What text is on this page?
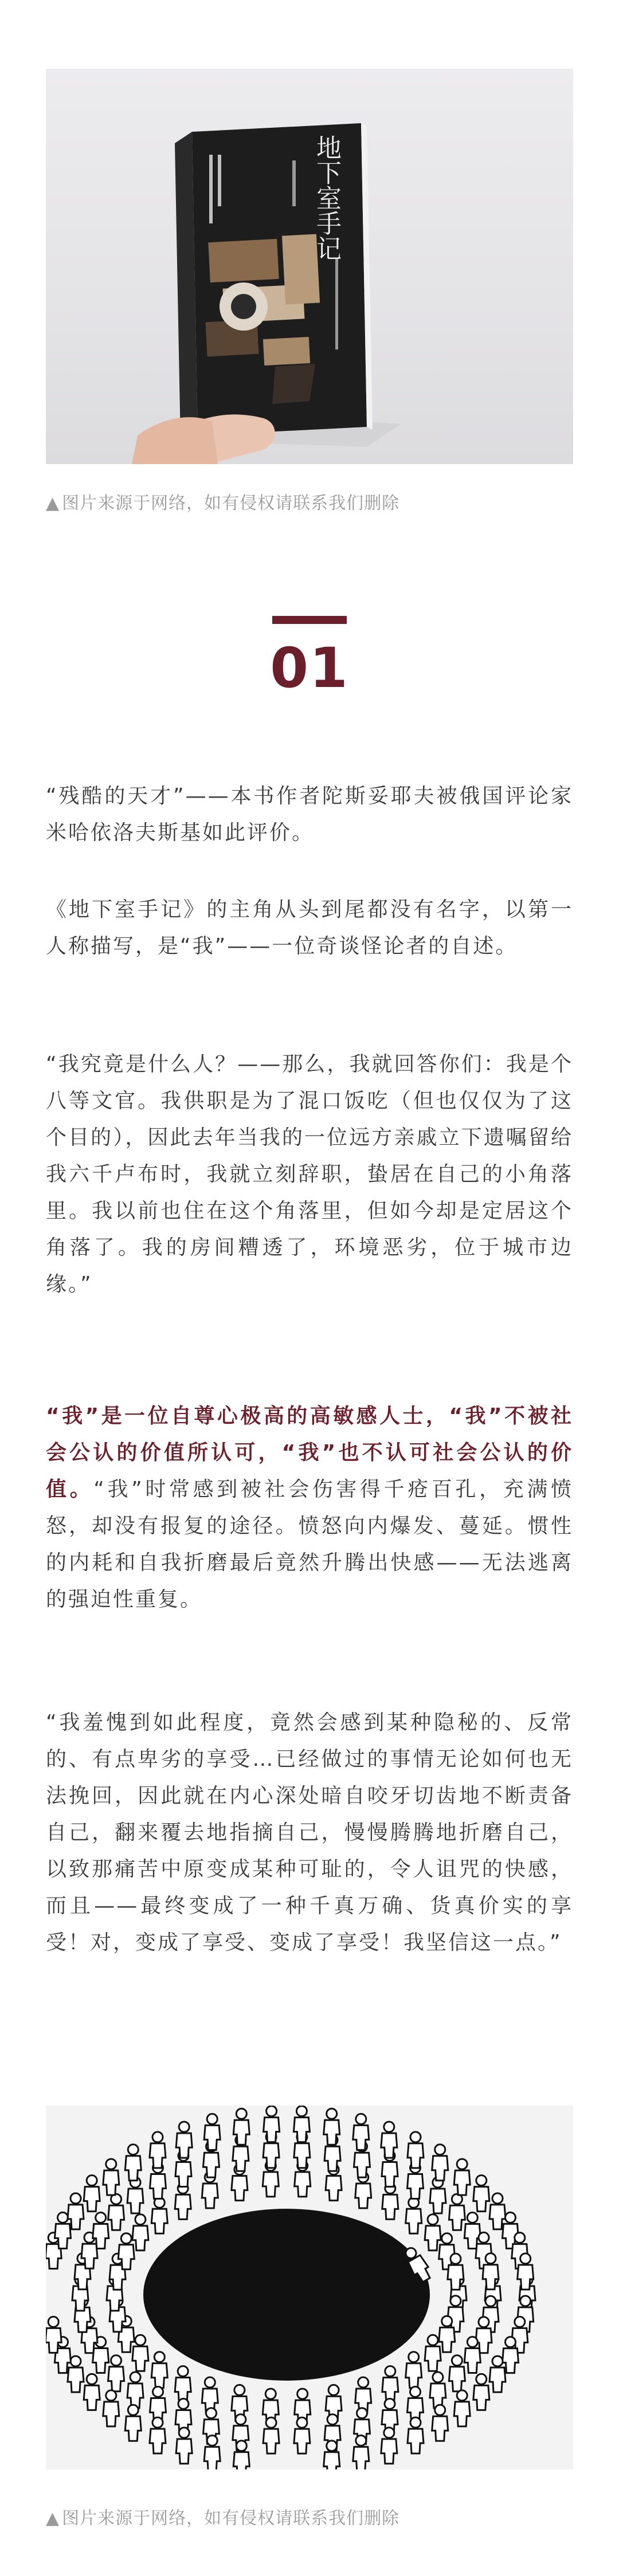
地下室手记
▲ 图片来源于网络，如有侵权请联系我们删除
01
“残酷的天才”——本书作者陀斯妥耶夫被俄国评论家米哈依洛夫斯基如此评价。
《地下室手记》的主角从头到尾都没有名字，以第一人称描写，是“我”——一位奇谈怪论者的自述。
“我究竟是什么人？——那么，我就回答你们：我是个八等文官。我供职是为了混口饭吃（但也仅仅为了这个目的），因此去年当我的一位远方亲戚立下遗嘱留给我六千卢布时，我就立刻辞职，蛰居在自己的小角落里。我以前也住在这个角落里，但如今却是定居这个角落了。我的房间糟透了，环境恶劣，位于城市边缘。”
“我”是一位自尊心极高的高敏感人士，“我”不被社会公认的价值所认可，“我”也不认可社会公认的价值。“我”时常感到被社会伤害得千疮百孔，充满愤怒，却没有报复的途径。愤怒向内爆发、蔓延。惯性的内耗和自我折磨最后竟然升腾出快感——无法逃离的强迫性重复。
“我羞愧到如此程度，竟然会感到某种隐秘的、反常的、有点卑劣的享受…已经做过的事情无论如何也无法挽回，因此就在内心深处暗自咬牙切齿地不断责备自己，翻来覆去地指摘自己，慢慢腾腾地折磨自己，以致那痛苦中原变成某种可耻的，令人诅咒的快感，而且——最终变成了一种千真万确、货真价实的享受！对，变成了享受、变成了享受！我坚信这一点。”
▲ 图片来源于网络，如有侵权请联系我们删除
